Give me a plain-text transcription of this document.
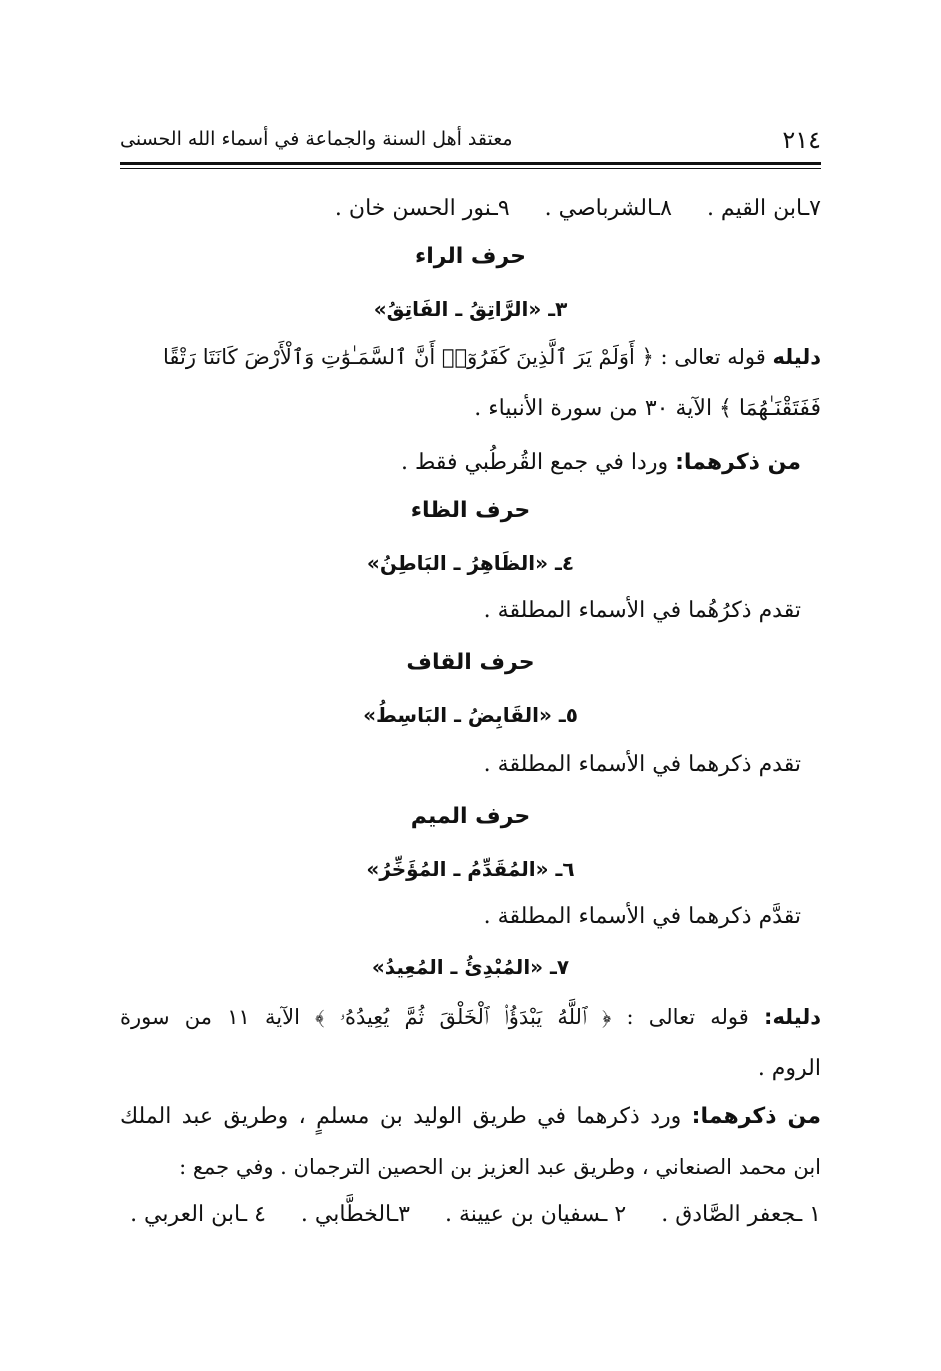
٢١٤
معتقد أهل السنة والجماعة في أسماء الله الحسنى
٧ـابن القيم . ٨ـالشرباصي . ٩ـنور الحسن خان .
حرف الراء
٣ـ «الرَّاتِقُ ـ الفَاتِقُ»
دليله قوله تعالى : ﴿ أَوَلَمْ يَرَ ٱلَّذِينَ كَفَرُوٓا۟ أَنَّ ٱلسَّمَـٰوَٰتِ وَٱلْأَرْضَ كَانَتَا رَتْقًا
فَفَتَقْنَـٰهُمَا ﴾ الآية ٣٠ من سورة الأنبياء .
من ذكرهما: وردا في جمع القُرطُبي فقط .
حرف الظاء
٤ـ «الظَاهِرُ ـ البَاطِنُ»
تقدم ذكرُهُما في الأسماء المطلقة .
حرف القاف
٥ـ «القَابِضُ ـ البَاسِطُ»
تقدم ذكرهما في الأسماء المطلقة .
حرف الميم
٦ـ «المُقَدِّمُ ـ المُؤَخِّرُ»
تقدَّم ذكرهما في الأسماء المطلقة .
٧ـ «المُبْدِئُ ـ المُعِيدُ»
دليله: قوله تعالى : ﴿ ٱللَّهُ يَبْدَؤُا۟ ٱلْخَلْقَ ثُمَّ يُعِيدُهُۥ ﴾ الآية ١١ من سورة
الروم .
من ذكرهما: ورد ذكرهما في طريق الوليد بن مسلمٍ ، وطريق عبد الملك
ابن محمد الصنعاني ، وطريق عبد العزيز بن الحصين الترجمان . وفي جمع :
١ ـجعفر الصَّادق . ٢ ـسفيان بن عيينة . ٣ـالخطَّابي . ٤ ـابن العربي .
